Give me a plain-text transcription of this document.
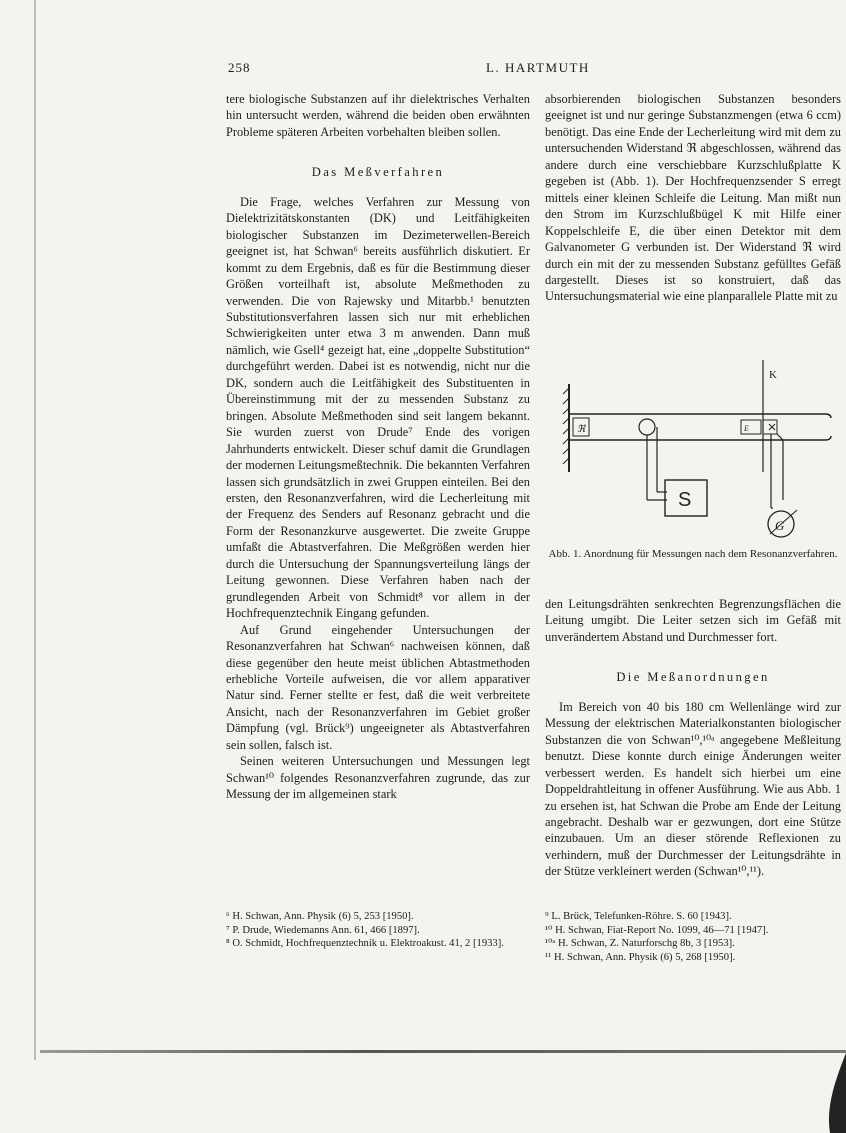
258	L. HARTMUTH

tere biologische Substanzen auf ihr dielektrisches Verhalten hin untersucht werden, während die beiden oben erwähnten Probleme späteren Arbeiten vorbehalten bleiben sollen.

Das Meßverfahren

Die Frage, welches Verfahren zur Messung von Dielektrizitätskonstanten (DK) und Leitfähigkeiten biologischer Substanzen im Dezimeterwellen-Bereich geeignet ist, hat Schwan⁶ bereits ausführlich diskutiert. Er kommt zu dem Ergebnis, daß es für die Bestimmung dieser Größen vorteilhaft ist, absolute Meßmethoden zu verwenden. Die von Rajewsky und Mitarbb.¹ benutzten Substitutionsverfahren lassen sich nur mit erheblichen Schwierigkeiten unter etwa 3 m anwenden. Dann muß nämlich, wie Gsell⁴ gezeigt hat, eine „doppelte Substitution“ durchgeführt werden. Dabei ist es notwendig, nicht nur die DK, sondern auch die Leitfähigkeit des Substituenten in Übereinstimmung mit der zu messenden Substanz zu bringen. Absolute Meßmethoden sind seit langem bekannt. Sie wurden zuerst von Drude⁷ Ende des vorigen Jahrhunderts entwickelt. Dieser schuf damit die Grundlagen der modernen Leitungsmeßtechnik. Die bekannten Verfahren lassen sich grundsätzlich in zwei Gruppen einteilen. Bei den ersten, den Resonanzverfahren, wird die Lecherleitung mit der Frequenz des Senders auf Resonanz gebracht und die Form der Resonanzkurve ausgewertet. Die zweite Gruppe umfaßt die Abtastverfahren. Die Meßgrößen werden hier durch die Untersuchung der Spannungsverteilung längs der Leitung gewonnen. Diese Verfahren haben nach der grundlegenden Arbeit von Schmidt⁸ vor allem in der Hochfrequenztechnik Eingang gefunden.

Auf Grund eingehender Untersuchungen der Resonanzverfahren hat Schwan⁶ nachweisen können, daß diese gegenüber den heute meist üblichen Abtastmethoden erhebliche Vorteile aufweisen, die vor allem apparativer Natur sind. Ferner stellte er fest, daß die weit verbreitete Ansicht, nach der Resonanzverfahren im Gebiet großer Dämpfung (vgl. Brück⁹) ungeeigneter als Abtastverfahren sein sollen, falsch ist.

Seinen weiteren Untersuchungen und Messungen legt Schwan¹⁰ folgendes Resonanzverfahren zugrunde, das zur Messung der im allgemeinen stark

absorbierenden biologischen Substanzen besonders geeignet ist und nur geringe Substanzmengen (etwa 6 ccm) benötigt. Das eine Ende der Lecherleitung wird mit dem zu untersuchenden Widerstand ℜ abgeschlossen, während das andere durch eine verschiebbare Kurzschlußplatte K gegeben ist (Abb. 1). Der Hochfrequenzsender S erregt mittels einer kleinen Schleife die Leitung. Man mißt nun den Strom im Kurzschlußbügel K mit Hilfe einer Koppelschleife E, die über einen Detektor mit dem Galvanometer G verbunden ist. Der Widerstand ℜ wird durch ein mit der zu messenden Substanz gefülltes Gefäß dargestellt. Dieses ist so konstruiert, daß das Untersuchungsmaterial wie eine planparallele Platte mit zu

ℜ
S
K
E
G
Abb. 1. Anordnung für Messungen nach dem Resonanzverfahren.

den Leitungsdrähten senkrechten Begrenzungsflächen die Leitung umgibt. Die Leiter setzen sich im Gefäß mit unverändertem Abstand und Durchmesser fort.

Die Meßanordnungen

Im Bereich von 40 bis 180 cm Wellenlänge wird zur Messung der elektrischen Materialkonstanten biologischer Substanzen die von Schwan¹⁰,¹⁰ᵃ angegebene Meßleitung benutzt. Diese konnte durch einige Änderungen weiter verbessert werden. Es handelt sich hierbei um eine Doppeldrahtleitung in offener Ausführung. Wie aus Abb. 1 zu ersehen ist, hat Schwan die Probe am Ende der Leitung angebracht. Deshalb war er gezwungen, dort eine Stütze einzubauen. Um an dieser störende Reflexionen zu verhindern, muß der Durchmesser der Leitungsdrähte in der Stütze verkleinert werden (Schwan¹⁰,¹¹).

⁶ H. Schwan, Ann. Physik (6) 5, 253 [1950].
⁷ P. Drude, Wiedemanns Ann. 61, 466 [1897].
⁸ O. Schmidt, Hochfrequenztechnik u. Elektroakust. 41, 2 [1933].
⁹ L. Brück, Telefunken-Röhre. S. 60 [1943].
¹⁰ H. Schwan, Fiat-Report No. 1099, 46—71 [1947].
¹⁰ᵃ H. Schwan, Z. Naturforschg 8b, 3 [1953].
¹¹ H. Schwan, Ann. Physik (6) 5, 268 [1950].
